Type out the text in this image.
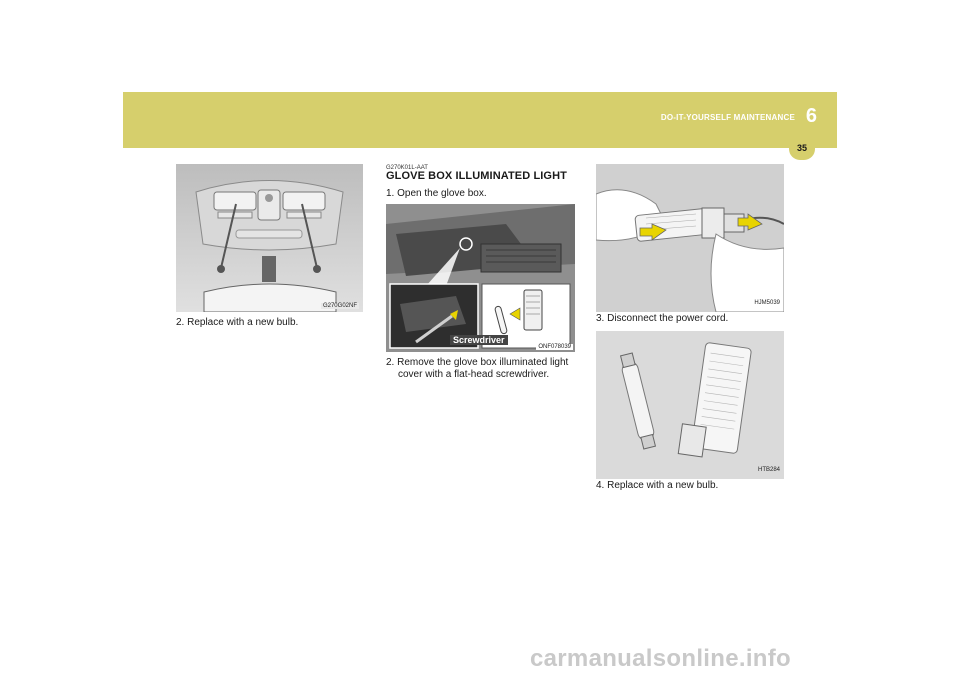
DO-IT-YOURSELF MAINTENANCE 6
35
G270G02NF
2. Replace with a new bulb.
G270K01L-AAT
GLOVE BOX ILLUMINATED LIGHT
1. Open the glove box.
Screwdriver
ONF078039
2. Remove the glove box illuminated light
cover with a flat-head screwdriver.
HJM5039
3. Disconnect the power cord.
HTB284
4. Replace with a new bulb.
carmanualsonline.info
